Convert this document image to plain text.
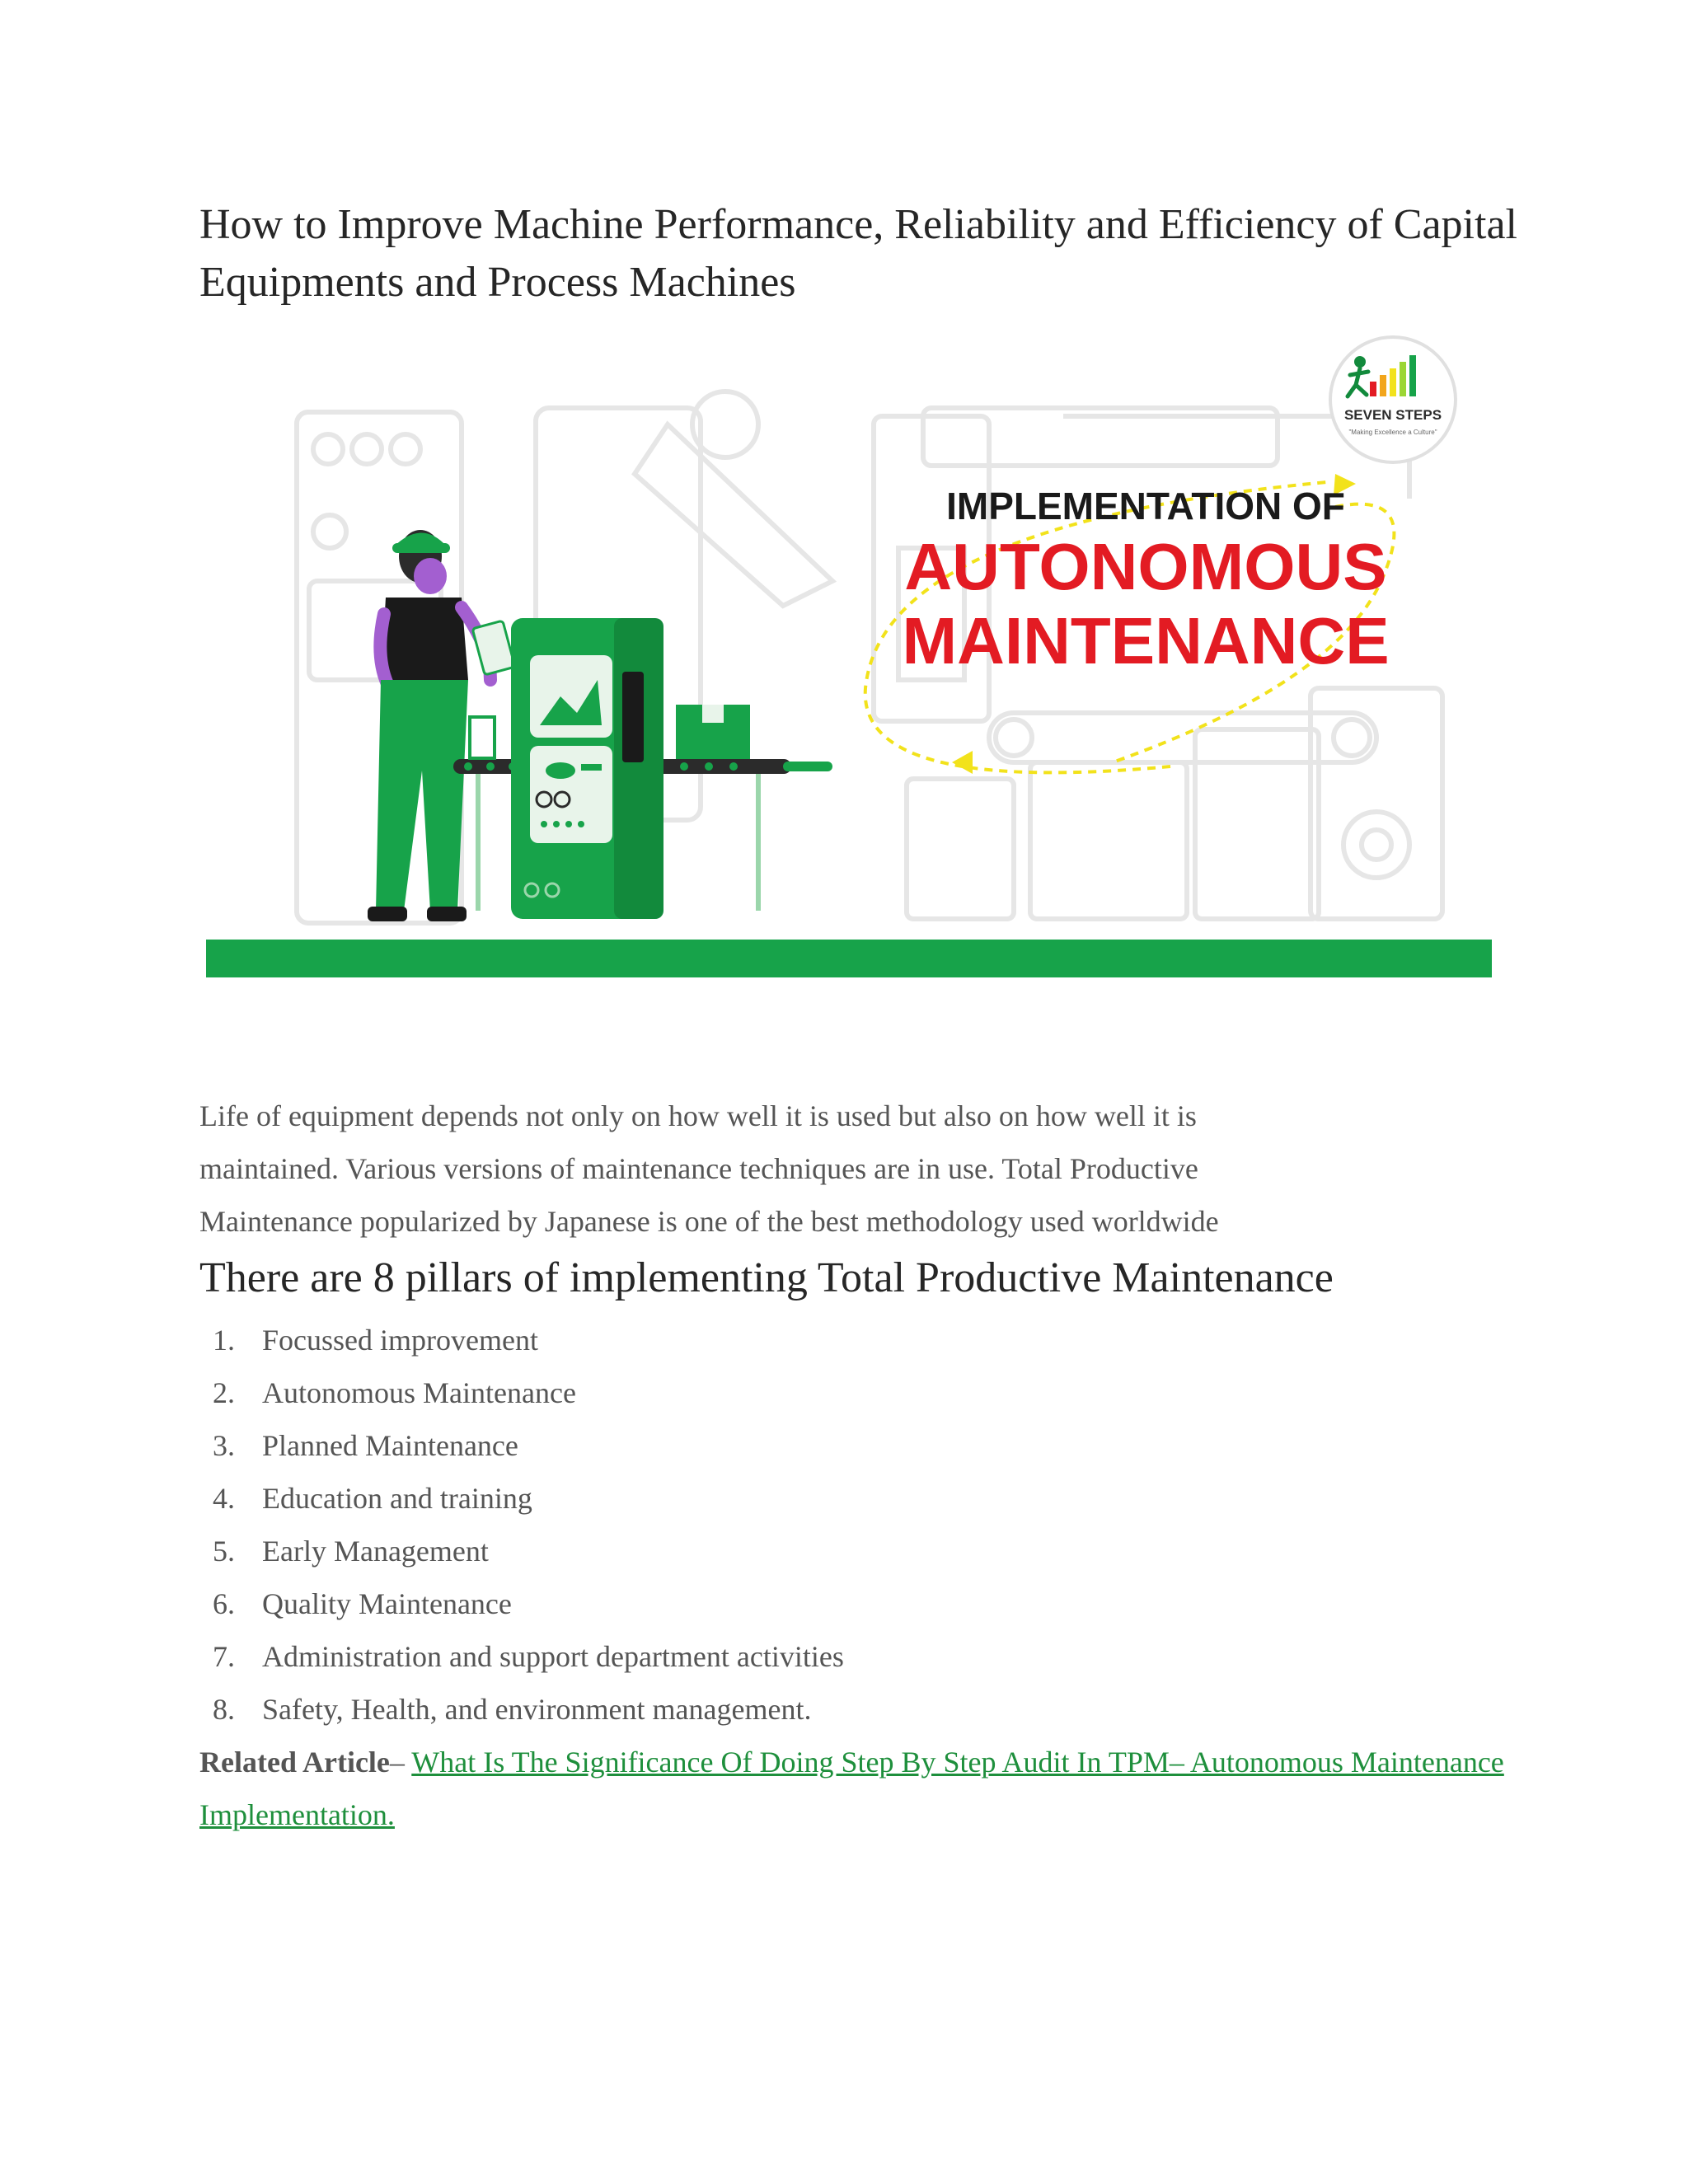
How to Improve Machine Performance, Reliability and Efficiency of Capital Equipments and Process Machines
IMPLEMENTATION OF
AUTONOMOUS
MAINTENANCE
SEVEN STEPS
"Making Excellence a Culture"

Life of equipment depends not only on how well it is used but also on how well it is
maintained. Various versions of maintenance techniques are in use. Total Productive
Maintenance popularized by Japanese is one of the best methodology used worldwide

There are 8 pillars of implementing Total Productive Maintenance
1. Focussed improvement
2. Autonomous Maintenance
3. Planned Maintenance
4. Education and training
5. Early Management
6. Quality Maintenance
7. Administration and support department activities
8. Safety, Health, and environment management.

Related Article– What Is The Significance Of Doing Step By Step Audit In TPM– Autonomous Maintenance Implementation.
